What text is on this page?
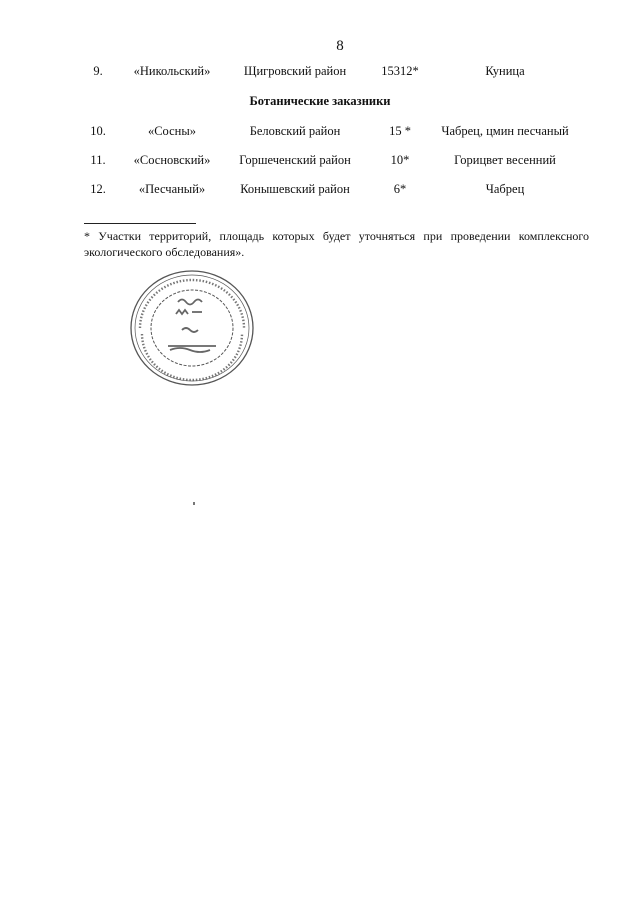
8
9.	«Никольский»	Щигровский район	15312*	Куница
Ботанические заказники
10.	«Сосны»	Беловский район	15 *	Чабрец, цмин песчаный
11.	«Сосновский»	Горшеченский район	10*	Горицвет весенний
12.	«Песчаный»	Конышевский район	6*	Чабрец
* Участки территорий, площадь которых будет уточняться при проведении комплексного экологического обследования».
